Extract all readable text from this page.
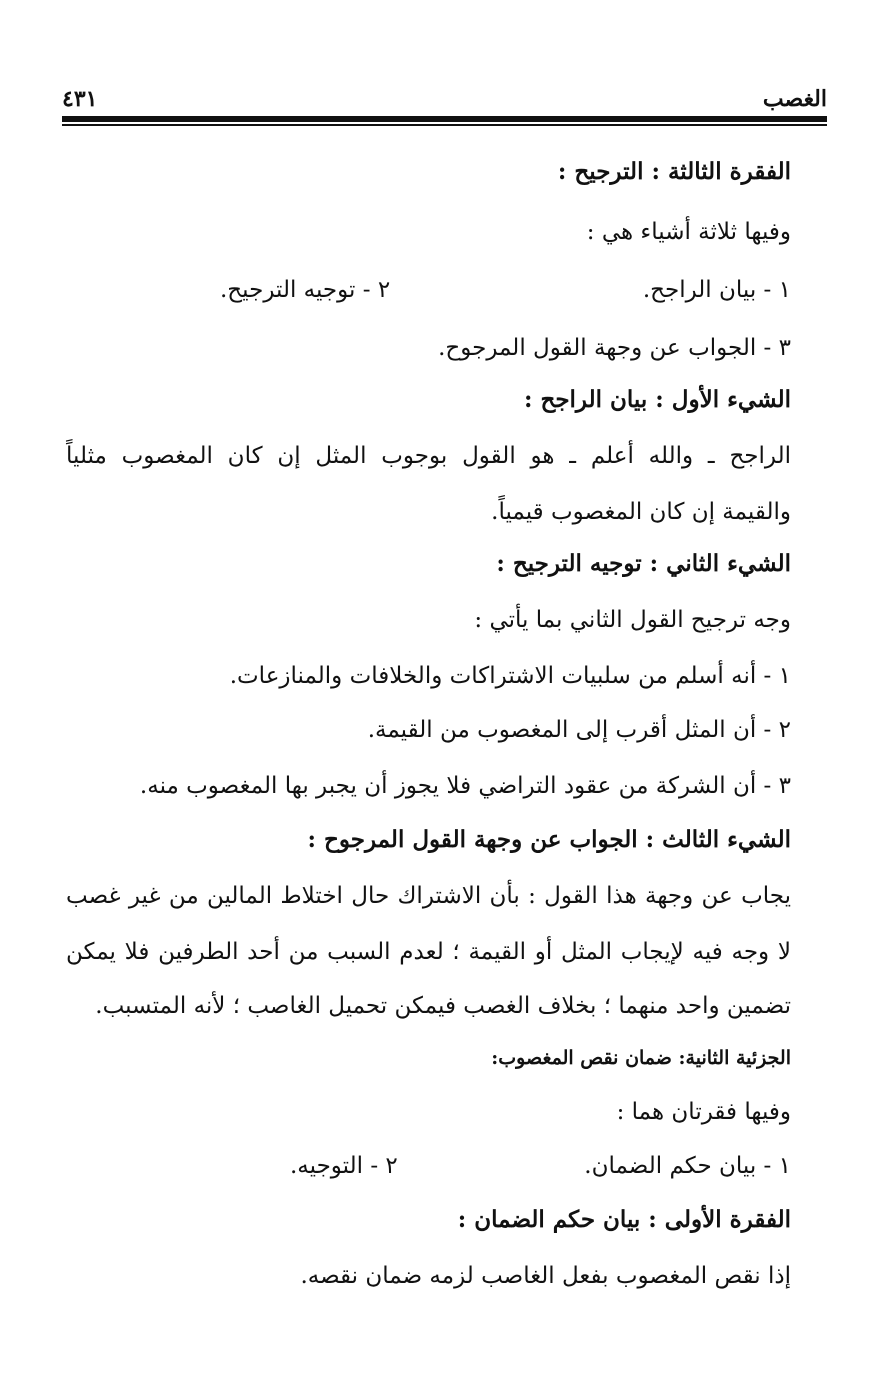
الغصب
٤٣١
الفقرة الثالثة : الترجيح :
وفيها ثلاثة أشياء هي :
١ - بيان الراجح.
٢ - توجيه الترجيح.
٣ - الجواب عن وجهة القول المرجوح.
الشيء الأول : بيان الراجح :
الراجح ـ والله أعلم ـ هو القول بوجوب المثل إن كان المغصوب مثلياً
والقيمة إن كان المغصوب قيمياً.
الشيء الثاني : توجيه الترجيح :
وجه ترجيح القول الثاني بما يأتي :
١ - أنه أسلم من سلبيات الاشتراكات والخلافات والمنازعات.
٢ - أن المثل أقرب إلى المغصوب من القيمة.
٣ - أن الشركة من عقود التراضي فلا يجوز أن يجبر بها المغصوب منه.
الشيء الثالث : الجواب عن وجهة القول المرجوح :
يجاب عن وجهة هذا القول : بأن الاشتراك حال اختلاط المالين من غير غصب
لا وجه فيه لإيجاب المثل أو القيمة ؛ لعدم السبب من أحد الطرفين فلا يمكن
تضمين واحد منهما ؛ بخلاف الغصب فيمكن تحميل الغاصب ؛ لأنه المتسبب.
الجزئية الثانية: ضمان نقص المغصوب:
وفيها فقرتان هما :
١ - بيان حكم الضمان.
٢ - التوجيه.
الفقرة الأولى : بيان حكم الضمان :
إذا نقص المغصوب بفعل الغاصب لزمه ضمان نقصه.
